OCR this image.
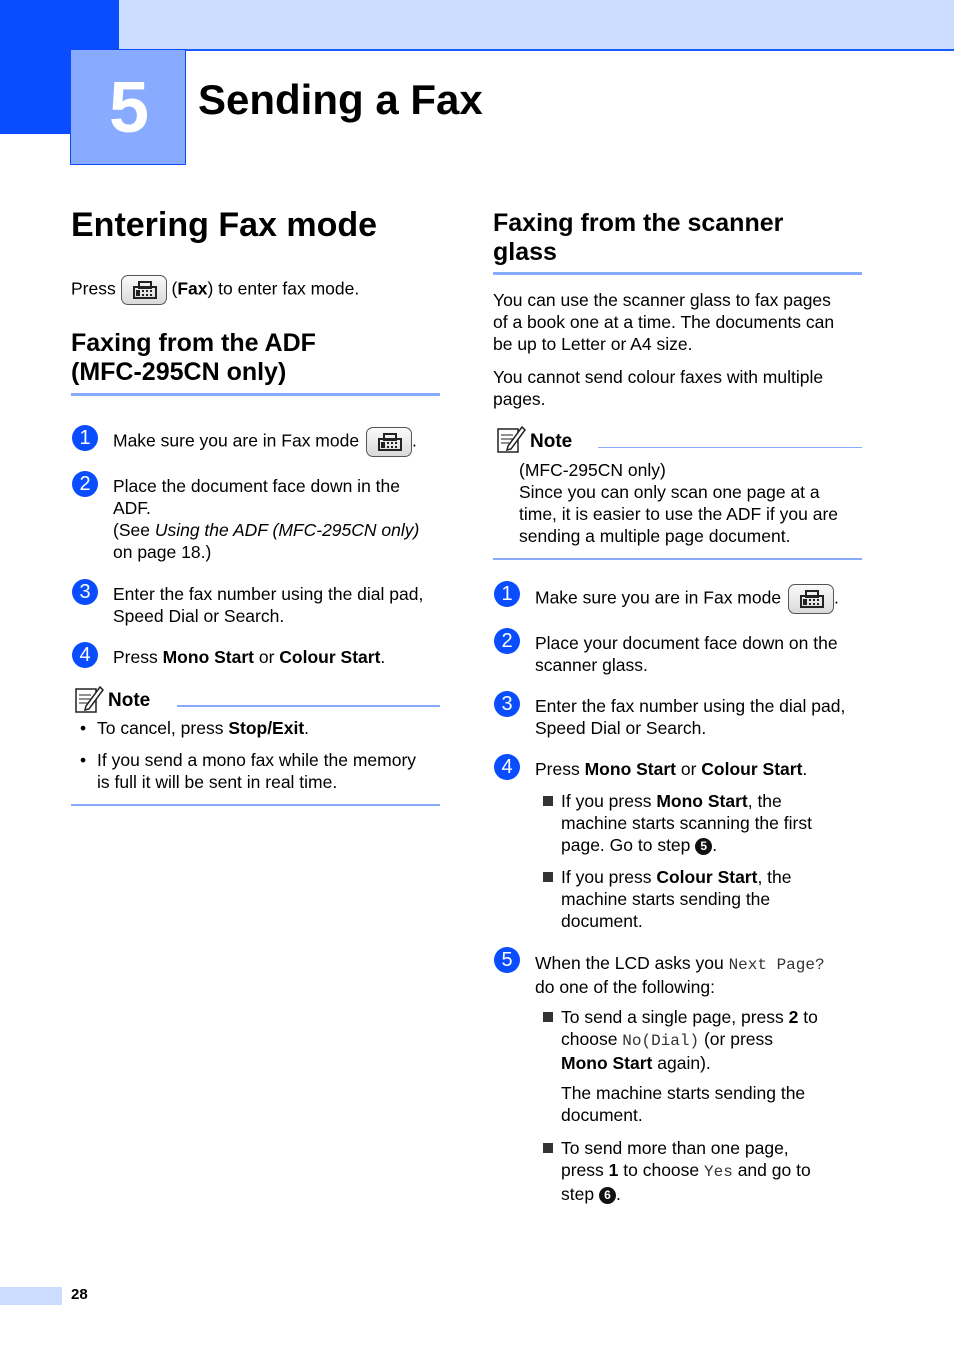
5	Sending a Fax
Entering Fax mode
Press	(Fax) to enter fax mode.
Faxing from the ADF
(MFC-295CN only)
1	Make sure you are in Fax mode	.
2	Place the document face down in the
ADF.
(See Using the ADF (MFC-295CN only)
on page 18.)
3	Enter the fax number using the dial pad,
Speed Dial or Search.
4	Press Mono Start or Colour Start.
Note
• To cancel, press Stop/Exit.
• If you send a mono fax while the memory
is full it will be sent in real time.
Faxing from the scanner
glass
You can use the scanner glass to fax pages
of a book one at a time. The documents can
be up to Letter or A4 size.
You cannot send colour faxes with multiple
pages.
Note
(MFC-295CN only)
Since you can only scan one page at a
time, it is easier to use the ADF if you are
sending a multiple page document.
1	Make sure you are in Fax mode	.
2	Place your document face down on the
scanner glass.
3	Enter the fax number using the dial pad,
Speed Dial or Search.
4	Press Mono Start or Colour Start.
If you press Mono Start, the
machine starts scanning the first
page. Go to step 5 .
If you press Colour Start, the
machine starts sending the
document.
5	When the LCD asks you Next Page?
do one of the following:
To send a single page, press 2 to
choose No(Dial) (or press
Mono Start again).
The machine starts sending the
document.
To send more than one page,
press 1 to choose Yes and go to
step 6 .
28
